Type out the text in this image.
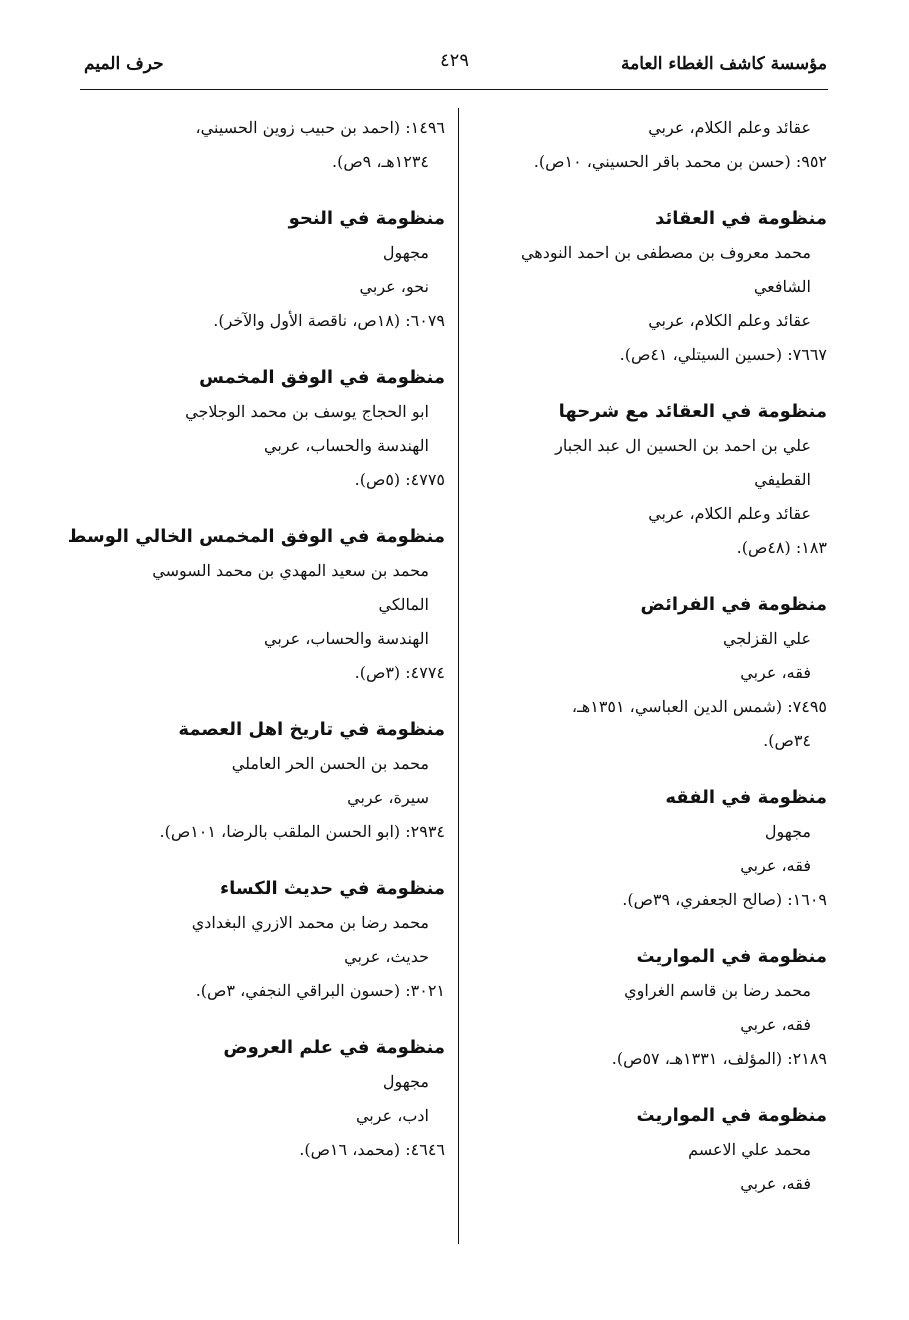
مؤسسة كاشف الغطاء العامة
٤٢٩
حرف الميم
عقائد وعلم الكلام، عربي
٩٥٢: (حسن بن محمد باقر الحسيني، ١٠ص).
منظومة في العقائد
محمد معروف بن مصطفى بن احمد النودهي
الشافعي
عقائد وعلم الكلام، عربي
٧٦٦٧: (حسين السيتلي، ٤١ص).
منظومة في العقائد مع شرحها
علي بن احمد بن الحسين ال عبد الجبار
القطيفي
عقائد وعلم الكلام، عربي
١٨٣: (٤٨ص).
منظومة في الفرائض
علي القزلجي
فقه، عربي
٧٤٩٥: (شمس الدين العباسي، ١٣٥١هـ،
٣٤ص).
منظومة في الفقه
مجهول
فقه، عربي
١٦٠٩: (صالح الجعفري، ٣٩ص).
منظومة في المواريث
محمد رضا بن قاسم الغراوي
فقه، عربي
٢١٨٩: (المؤلف، ١٣٣١هـ، ٥٧ص).
منظومة في المواريث
محمد علي الاعسم
فقه، عربي
١٤٩٦: (احمد بن حبيب زوين الحسيني،
١٢٣٤هـ، ٩ص).
منظومة في النحو
مجهول
نحو، عربي
٦٠٧٩: (١٨ص، ناقصة الأول والآخر).
منظومة في الوفق المخمس
ابو الحجاج يوسف بن محمد الوجلاجي
الهندسة والحساب، عربي
٤٧٧٥: (٥ص).
منظومة في الوفق المخمس الخالي الوسط
محمد بن سعيد المهدي بن محمد السوسي
المالكي
الهندسة والحساب، عربي
٤٧٧٤: (٣ص).
منظومة في تاريخ اهل العصمة
محمد بن الحسن الحر العاملي
سيرة، عربي
٢٩٣٤: (ابو الحسن الملقب بالرضا، ١٠١ص).
منظومة في حديث الكساء
محمد رضا بن محمد الازري البغدادي
حديث، عربي
٣٠٢١: (حسون البراقي النجفي، ٣ص).
منظومة في علم العروض
مجهول
ادب، عربي
٤٦٤٦: (محمد، ١٦ص).
